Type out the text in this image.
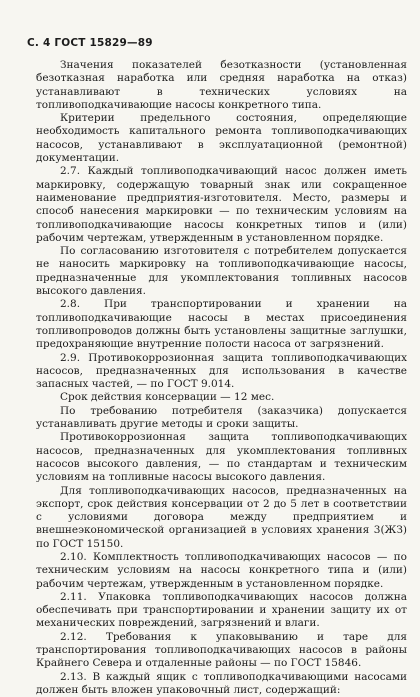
С. 4 ГОСТ 15829—89

Значения показателей безотказности (установленная безотказная наработка или средняя наработка на отказ) устанавливают в технических условиях на топливоподкачивающие насосы конкретного типа.

Критерии предельного состояния, определяющие необходимость капитального ремонта топливоподкачивающих насосов, устанавливают в эксплуатационной (ремонтной) документации.

2.7. Каждый топливоподкачивающий насос должен иметь маркировку, содержащую товарный знак или сокращенное наименование предприятия-изготовителя. Место, размеры и способ нанесения маркировки — по техническим условиям на топливоподкачивающие насосы конкретных типов и (или) рабочим чертежам, утвержденным в установленном порядке.

По согласованию изготовителя с потребителем допускается не наносить маркировку на топливоподкачивающие насосы, предназначенные для укомплектования топливных насосов высокого давления.

2.8. При транспортировании и хранении на топливоподкачивающие насосы в местах присоединения топливопроводов должны быть установлены защитные заглушки, предохраняющие внутренние полости насоса от загрязнений.

2.9. Противокоррозионная защита топливоподкачивающих насосов, предназначенных для использования в качестве запасных частей, — по ГОСТ 9.014.

Срок действия консервации — 12 мес.

По требованию потребителя (заказчика) допускается устанавливать другие методы и сроки защиты.

Противокоррозионная защита топливоподкачивающих насосов, предназначенных для укомплектования топливных насосов высокого давления, — по стандартам и техническим условиям на топливные насосы высокого давления.

Для топливоподкачивающих насосов, предназначенных на экспорт, срок действия консервации от 2 до 5 лет в соответствии с условиями договора между предприятием и внешнеэкономической организацией в условиях хранения 3(ЖЗ) по ГОСТ 15150.

2.10. Комплектность топливоподкачивающих насосов — по техническим условиям на насосы конкретного типа и (или) рабочим чертежам, утвержденным в установленном порядке.

2.11. Упаковка топливоподкачивающих насосов должна обеспечивать при транспортировании и хранении защиту их от механических повреждений, загрязнений и влаги.

2.12. Требования к упаковыванию и таре для транспортирования топливоподкачивающих насосов в районы Крайнего Севера и отдаленные районы — по ГОСТ 15846.

2.13. В каждый ящик с топливоподкачивающими насосами должен быть вложен упаковочный лист, содержащий:
